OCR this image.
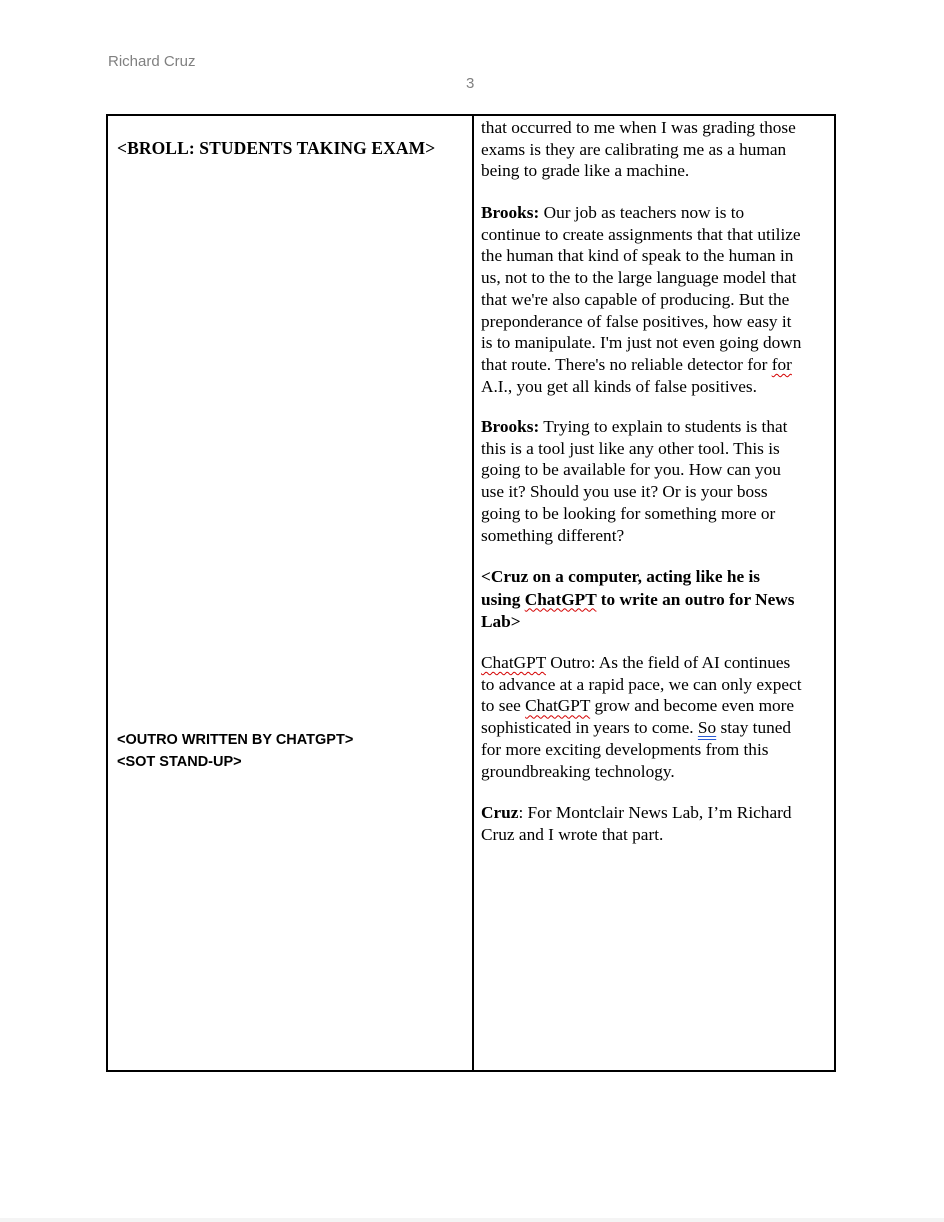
Richard Cruz
3
<BROLL: STUDENTS TAKING EXAM>
<OUTRO WRITTEN BY CHATGPT>
<SOT STAND-UP>

that occurred to me when I was grading those
exams is they are calibrating me as a human
being to grade like a machine.

Brooks: Our job as teachers now is to
continue to create assignments that that utilize
the human that kind of speak to the human in
us, not to the to the large language model that
that we're also capable of producing. But the
preponderance of false positives, how easy it
is to manipulate. I'm just not even going down
that route. There's no reliable detector for for
A.I., you get all kinds of false positives.

Brooks: Trying to explain to students is that
this is a tool just like any other tool. This is
going to be available for you. How can you
use it? Should you use it? Or is your boss
going to be looking for something more or
something different?

<Cruz on a computer, acting like he is
using ChatGPT to write an outro for News
Lab>

ChatGPT Outro: As the field of AI continues
to advance at a rapid pace, we can only expect
to see ChatGPT grow and become even more
sophisticated in years to come. So stay tuned
for more exciting developments from this
groundbreaking technology.

Cruz: For Montclair News Lab, I’m Richard
Cruz and I wrote that part.
